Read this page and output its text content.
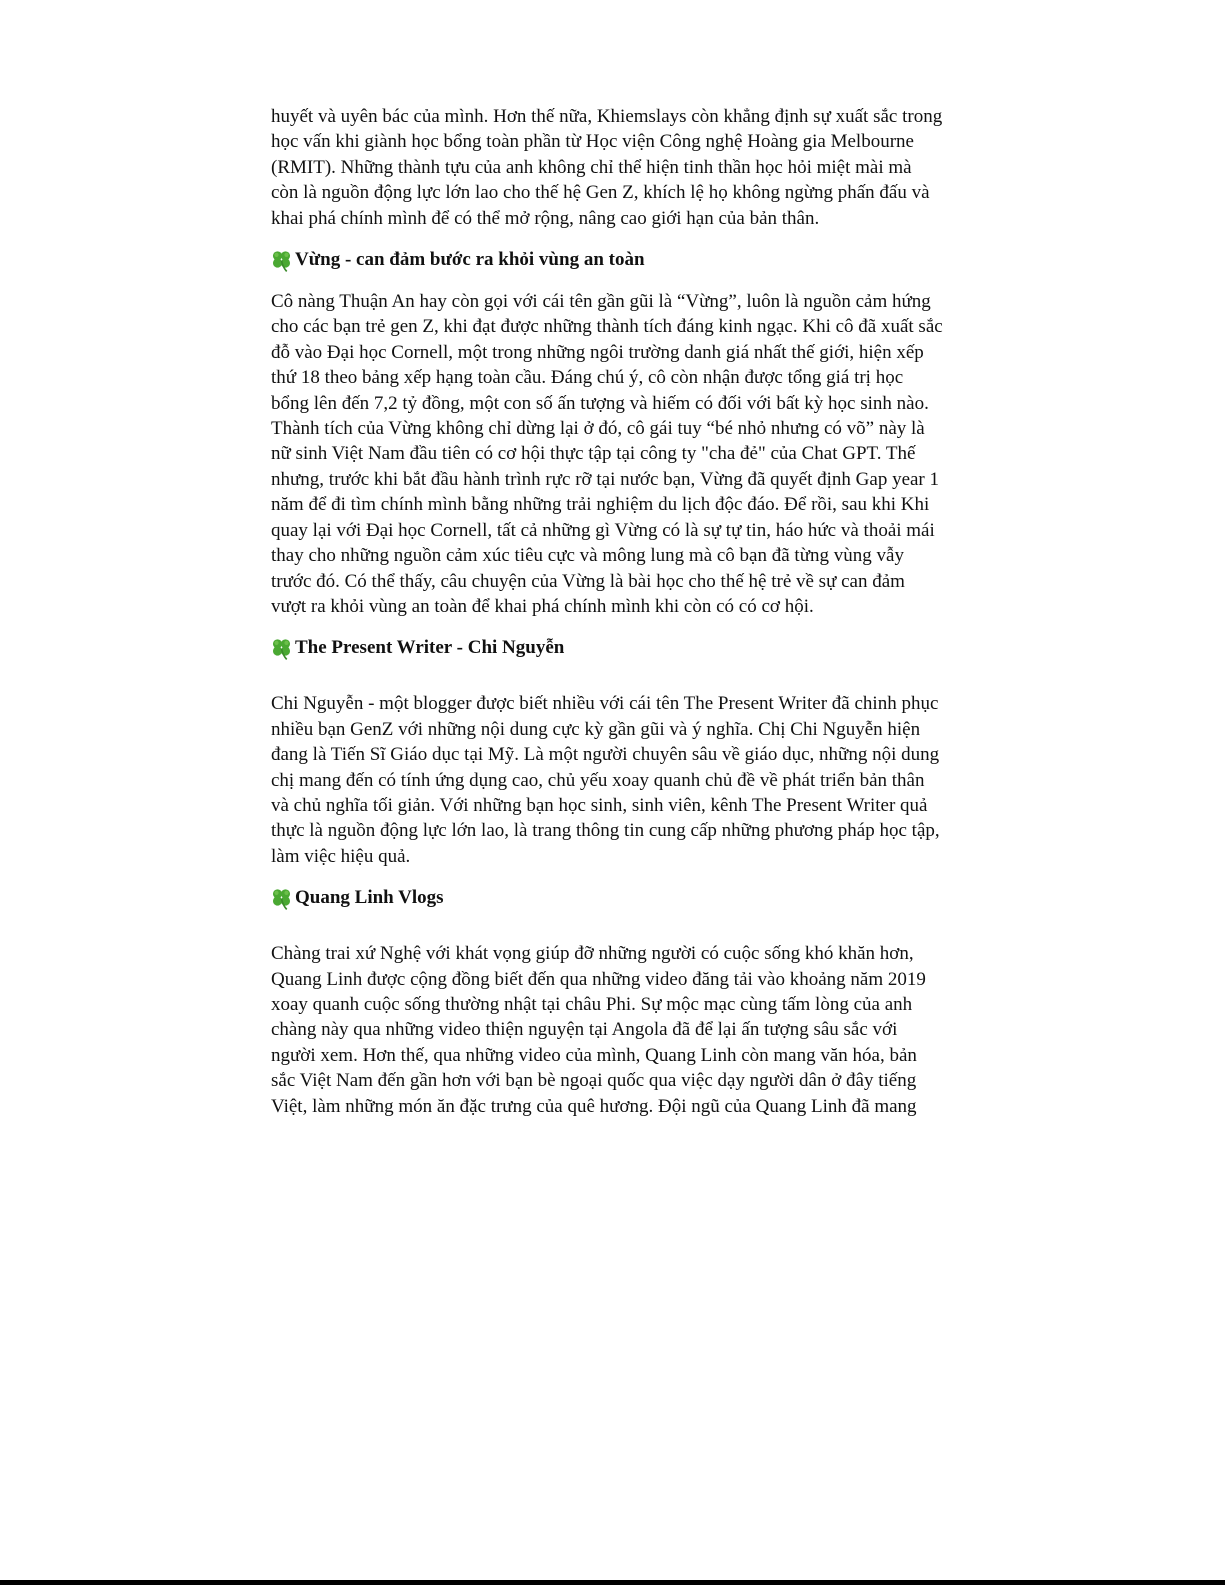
huyết và uyên bác của mình. Hơn thế nữa, Khiemslays còn khẳng định sự xuất sắc trong học vấn khi giành học bổng toàn phần từ Học viện Công nghệ Hoàng gia Melbourne (RMIT). Những thành tựu của anh không chỉ thể hiện tinh thần học hỏi miệt mài mà còn là nguồn động lực lớn lao cho thế hệ Gen Z, khích lệ họ không ngừng phấn đấu và khai phá chính mình để có thể mở rộng, nâng cao giới hạn của bản thân.

Vừng - can đảm bước ra khỏi vùng an toàn

Cô nàng Thuận An hay còn gọi với cái tên gần gũi là “Vừng”, luôn là nguồn cảm hứng cho các bạn trẻ gen Z, khi đạt được những thành tích đáng kinh ngạc. Khi cô đã xuất sắc đỗ vào Đại học Cornell, một trong những ngôi trường danh giá nhất thế giới, hiện xếp thứ 18 theo bảng xếp hạng toàn cầu. Đáng chú ý, cô còn nhận được tổng giá trị học bổng lên đến 7,2 tỷ đồng, một con số ấn tượng và hiếm có đối với bất kỳ học sinh nào. Thành tích của Vừng không chỉ dừng lại ở đó, cô gái tuy “bé nhỏ nhưng có võ” này là nữ sinh Việt Nam đầu tiên có cơ hội thực tập tại công ty "cha đẻ" của Chat GPT. Thế nhưng, trước khi bắt đầu hành trình rực rỡ tại nước bạn, Vừng đã quyết định Gap year 1 năm để đi tìm chính mình bằng những trải nghiệm du lịch độc đáo. Để rồi, sau khi Khi quay lại với Đại học Cornell, tất cả những gì Vừng có là sự tự tin, háo hức và thoải mái thay cho những nguồn cảm xúc tiêu cực và mông lung mà cô bạn đã từng vùng vẫy trước đó. Có thể thấy, câu chuyện của Vừng là bài học cho thế hệ trẻ về sự can đảm vượt ra khỏi vùng an toàn để khai phá chính mình khi còn có có cơ hội.

The Present Writer - Chi Nguyễn

Chi Nguyễn - một blogger được biết nhiều với cái tên The Present Writer đã chinh phục nhiều bạn GenZ với những nội dung cực kỳ gần gũi và ý nghĩa. Chị Chi Nguyễn hiện đang là Tiến Sĩ Giáo dục tại Mỹ. Là một người chuyên sâu về giáo dục, những nội dung chị mang đến có tính ứng dụng cao, chủ yếu xoay quanh chủ đề về phát triển bản thân và chủ nghĩa tối giản. Với những bạn học sinh, sinh viên, kênh The Present Writer quả thực là nguồn động lực lớn lao, là trang thông tin cung cấp những phương pháp học tập, làm việc hiệu quả.

Quang Linh Vlogs

Chàng trai xứ Nghệ với khát vọng giúp đỡ những người có cuộc sống khó khăn hơn, Quang Linh được cộng đồng biết đến qua những video đăng tải vào khoảng năm 2019 xoay quanh cuộc sống thường nhật tại châu Phi. Sự mộc mạc cùng tấm lòng của anh chàng này qua những video thiện nguyện tại Angola đã để lại ấn tượng sâu sắc với người xem. Hơn thế, qua những video của mình, Quang Linh còn mang văn hóa, bản sắc Việt Nam đến gần hơn với bạn bè ngoại quốc qua việc dạy người dân ở đây tiếng Việt, làm những món ăn đặc trưng của quê hương. Đội ngũ của Quang Linh đã mang
